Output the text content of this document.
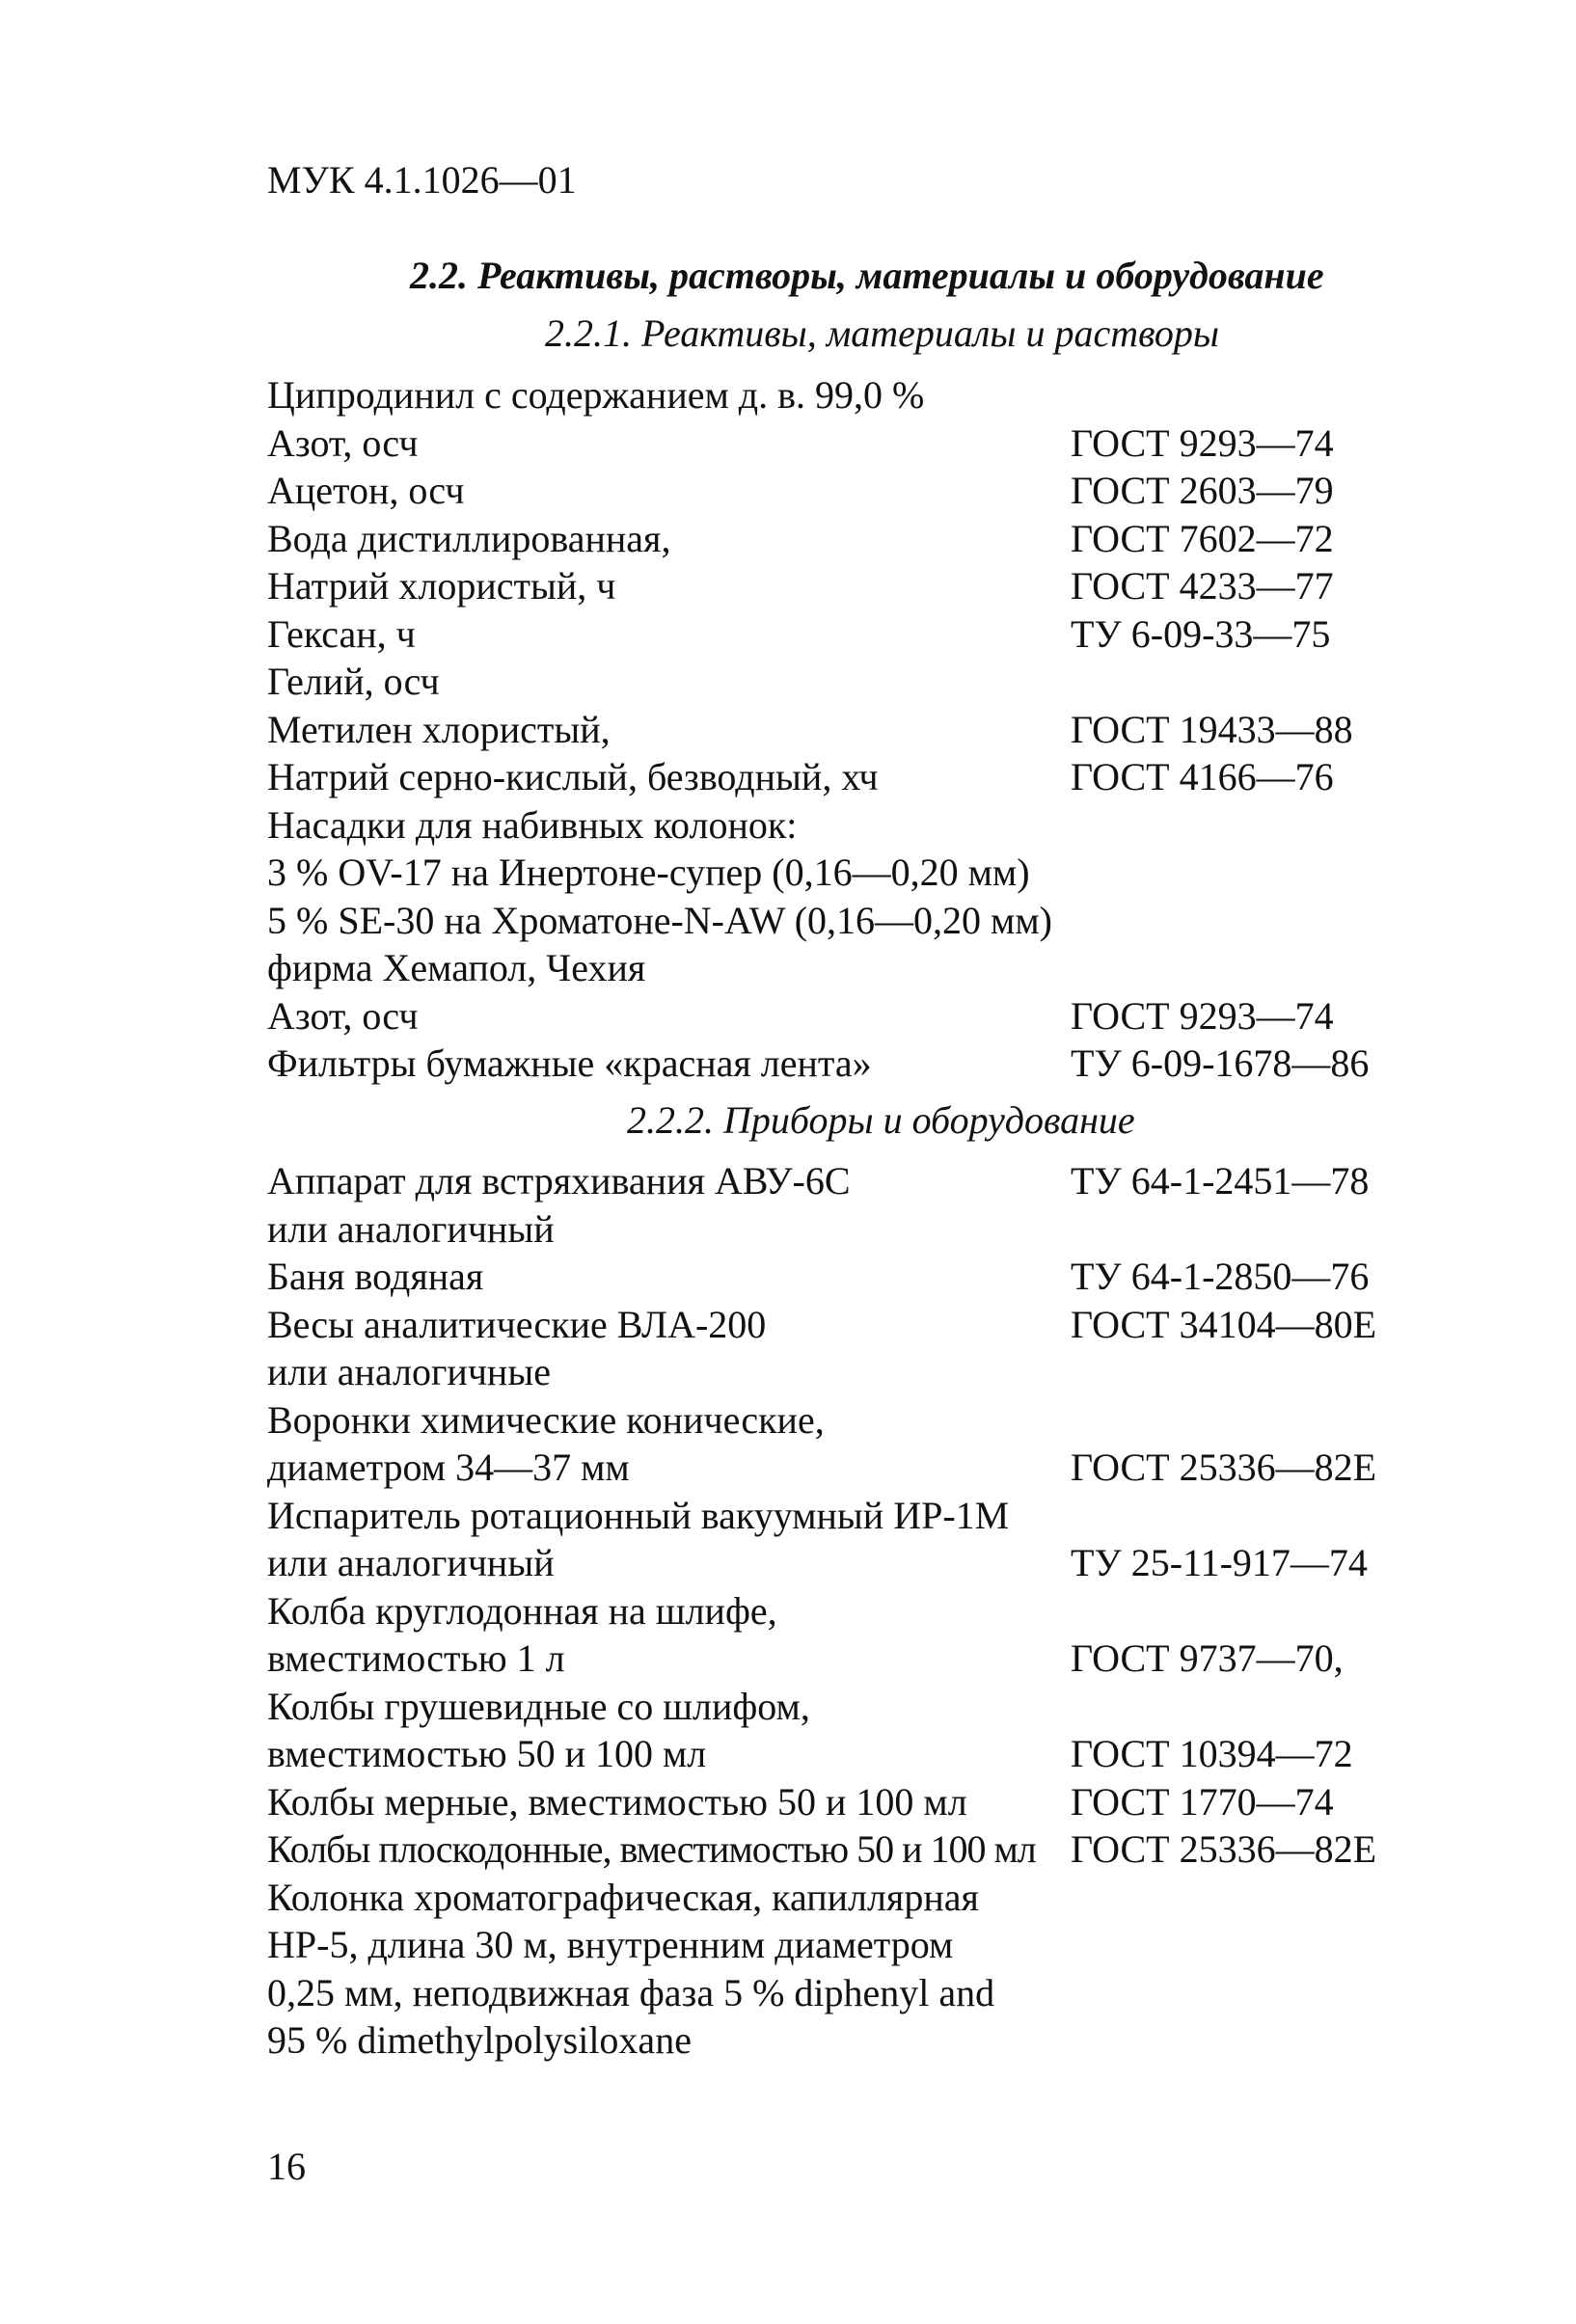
МУК 4.1.1026—01
2.2. Реактивы, растворы, материалы и оборудование
2.2.1. Реактивы, материалы и растворы
Ципродинил с содержанием д. в. 99,0 %
Азот, осч	ГОСТ 9293—74
Ацетон, осч	ГОСТ 2603—79
Вода дистиллированная,	ГОСТ 7602—72
Натрий хлористый, ч	ГОСТ 4233—77
Гексан, ч	ТУ 6-09-33—75
Гелий, осч
Метилен хлористый,	ГОСТ 19433—88
Натрий серно-кислый, безводный, хч	ГОСТ 4166—76
Насадки для набивных колонок:
3 % OV-17 на Инертоне-супер (0,16—0,20 мм)
5 % SE-30 на Хроматоне-N-AW (0,16—0,20 мм)
фирма Хемапол, Чехия
Азот, осч	ГОСТ 9293—74
Фильтры бумажные «красная лента»	ТУ 6-09-1678—86
2.2.2. Приборы и оборудование
Аппарат для встряхивания АВУ-6С	ТУ 64-1-2451—78
или аналогичный
Баня водяная	ТУ 64-1-2850—76
Весы аналитические ВЛА-200	ГОСТ 34104—80Е
или аналогичные
Воронки химические конические,
диаметром 34—37 мм	ГОСТ 25336—82Е
Испаритель ротационный вакуумный ИР-1М
или аналогичный	ТУ 25-11-917—74
Колба круглодонная на шлифе,
вместимостью 1 л	ГОСТ 9737—70,
Колбы грушевидные со шлифом,
вместимостью 50 и 100 мл	ГОСТ 10394—72
Колбы мерные, вместимостью 50 и 100 мл	ГОСТ 1770—74
Колбы плоскодонные, вместимостью 50 и 100 мл ГОСТ 25336—82Е
Колонка хроматографическая, капиллярная
HP-5, длина 30 м, внутренним диаметром
0,25 мм, неподвижная фаза 5 % diphenyl and
95 % dimethylpolysiloxane
16
